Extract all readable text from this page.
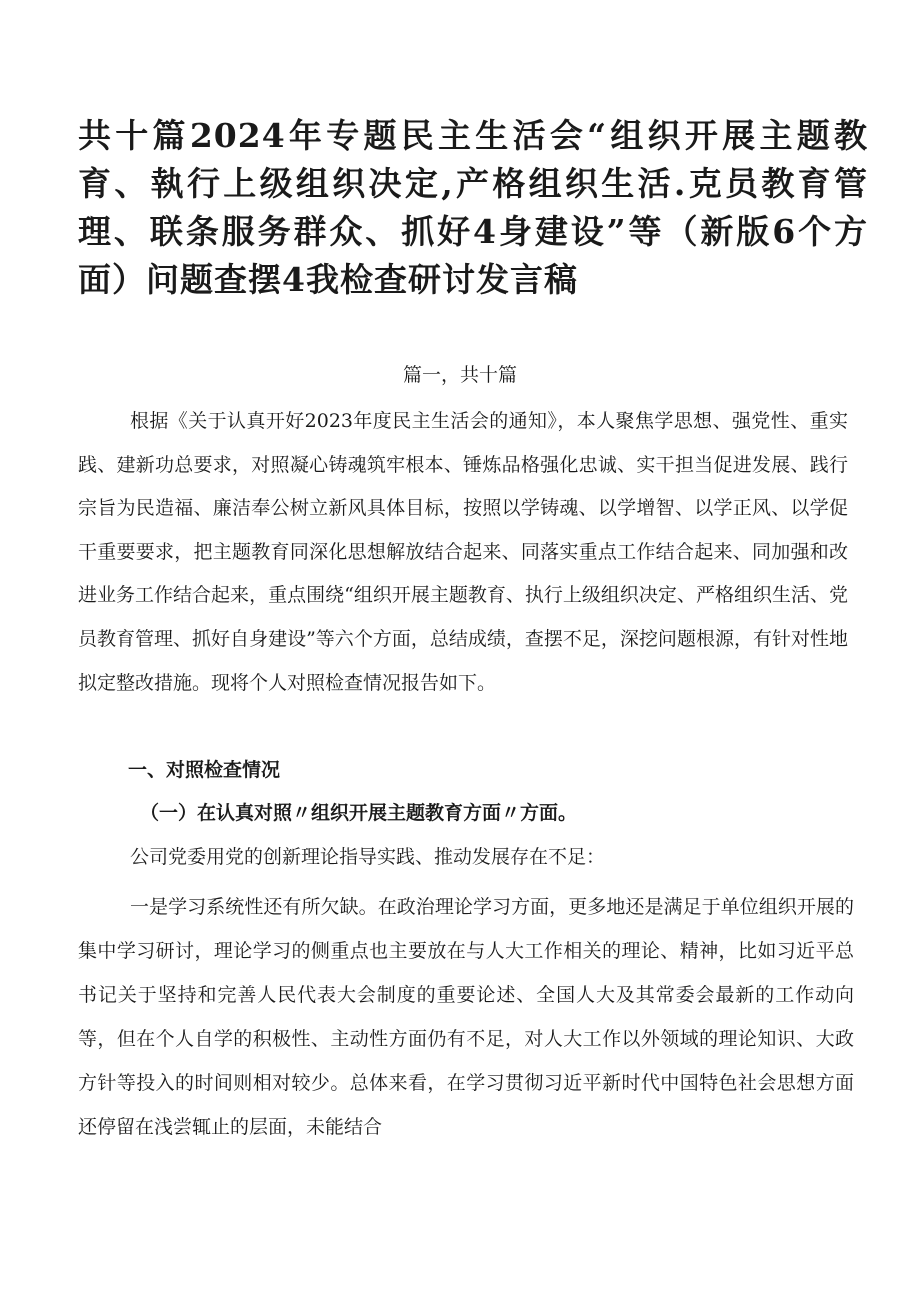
共十篇2024年专题民主生活会“组织开展主题教育、執行上级组织决定,产格组织生活.克员教育管理、联条服务群众、抓好4身建设”等（新版6个方面）问题查摆4我检查研讨发言稿

篇一，共十篇

根据《关于认真开好2023年度民主生活会的通知》，本人聚焦学思想、强党性、重实践、建新功总要求，对照凝心铸魂筑牢根本、锤炼品格强化忠诚、实干担当促进发展、践行宗旨为民造福、廉洁奉公树立新风具体目标，按照以学铸魂、以学增智、以学正风、以学促干重要要求，把主题教育同深化思想解放结合起来、同落实重点工作结合起来、同加强和改进业务工作结合起来，重点围绕“组织开展主题教育、执行上级组织决定、严格组织生活、党员教育管理、抓好自身建设”等六个方面，总结成绩，查摆不足，深挖问题根源，有针对性地拟定整改措施。现将个人对照检查情况报告如下。

一、对照检查情况
（一）在认真对照〃组织开展主题教育方面〃方面。

公司党委用党的创新理论指导实践、推动发展存在不足：

一是学习系统性还有所欠缺。在政治理论学习方面，更多地还是满足于单位组织开展的集中学习研讨，理论学习的侧重点也主要放在与人大工作相关的理论、精神，比如习近平总书记关于坚持和完善人民代表大会制度的重要论述、全国人大及其常委会最新的工作动向等，但在个人自学的积极性、主动性方面仍有不足，对人大工作以外领域的理论知识、大政方针等投入的时间则相对较少。总体来看，在学习贯彻习近平新时代中国特色社会思想方面还停留在浅尝辄止的层面，未能结合
